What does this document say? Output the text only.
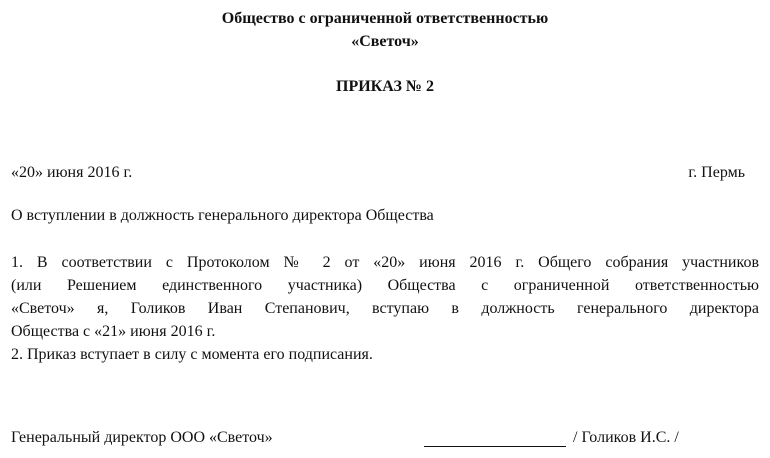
Общество с ограниченной ответственностью
«Светоч»
ПРИКАЗ № 2
«20» июня 2016 г.	г. Пермь
О вступлении в должность генерального директора Общества
1. В соответствии с Протоколом № 2 от «20» июня 2016 г. Общего собрания участников
(или Решением единственного участника) Общества с ограниченной ответственностью
«Светоч» я, Голиков Иван Степанович, вступаю в должность генерального директора
Общества с «21» июня 2016 г.
2. Приказ вступает в силу с момента его подписания.
Генеральный директор ООО «Светоч»	/ Голиков И.С. /
